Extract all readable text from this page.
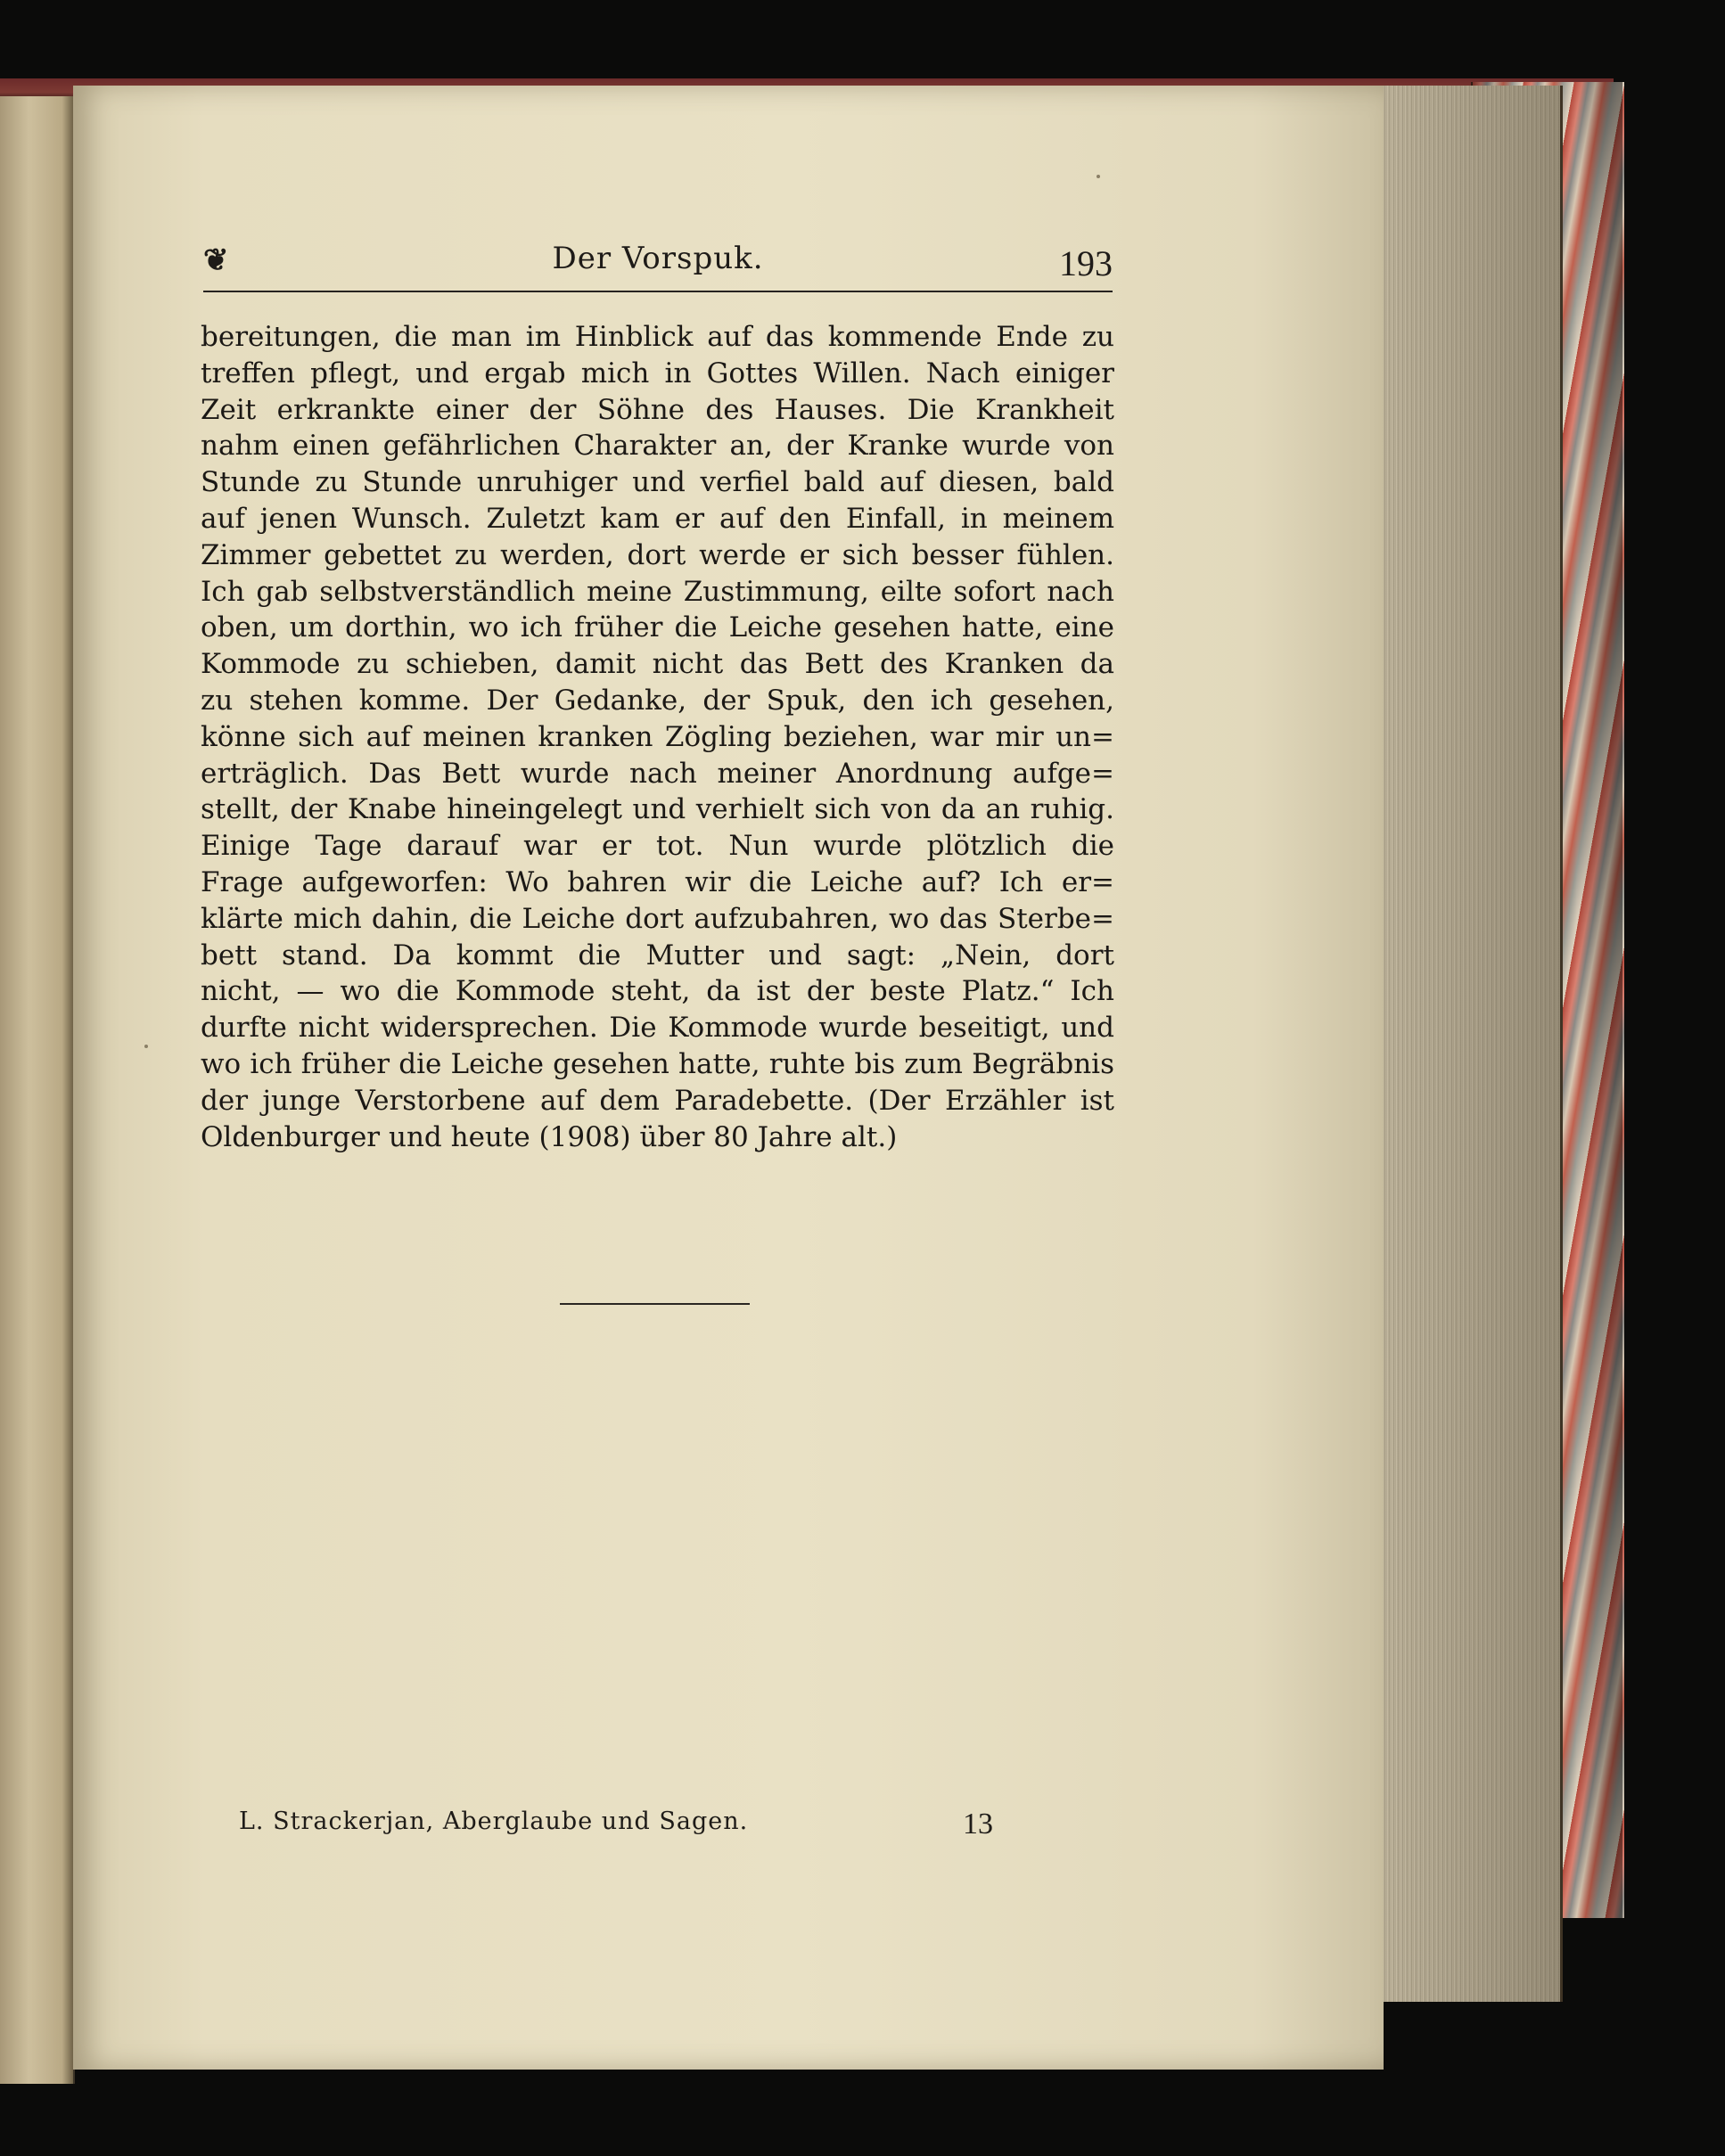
❦	Der Vorspuk.	193
bereitungen, die man im Hinblick auf das kommende Ende zu
treffen pflegt, und ergab mich in Gottes Willen. Nach einiger
Zeit erkrankte einer der Söhne des Hauses. Die Krankheit
nahm einen gefährlichen Charakter an, der Kranke wurde von
Stunde zu Stunde unruhiger und verfiel bald auf diesen, bald
auf jenen Wunsch. Zuletzt kam er auf den Einfall, in meinem
Zimmer gebettet zu werden, dort werde er sich besser fühlen.
Ich gab selbstverständlich meine Zustimmung, eilte sofort nach
oben, um dorthin, wo ich früher die Leiche gesehen hatte, eine
Kommode zu schieben, damit nicht das Bett des Kranken da
zu stehen komme. Der Gedanke, der Spuk, den ich gesehen,
könne sich auf meinen kranken Zögling beziehen, war mir un=
erträglich. Das Bett wurde nach meiner Anordnung aufge=
stellt, der Knabe hineingelegt und verhielt sich von da an ruhig.
Einige Tage darauf war er tot. Nun wurde plötzlich die
Frage aufgeworfen: Wo bahren wir die Leiche auf? Ich er=
klärte mich dahin, die Leiche dort aufzubahren, wo das Sterbe=
bett stand. Da kommt die Mutter und sagt: „Nein, dort
nicht, — wo die Kommode steht, da ist der beste Platz.“ Ich
durfte nicht widersprechen. Die Kommode wurde beseitigt, und
wo ich früher die Leiche gesehen hatte, ruhte bis zum Begräbnis
der junge Verstorbene auf dem Paradebette. (Der Erzähler ist
Oldenburger und heute (1908) über 80 Jahre alt.)
L. Strackerjan, Aberglaube und Sagen.	13
